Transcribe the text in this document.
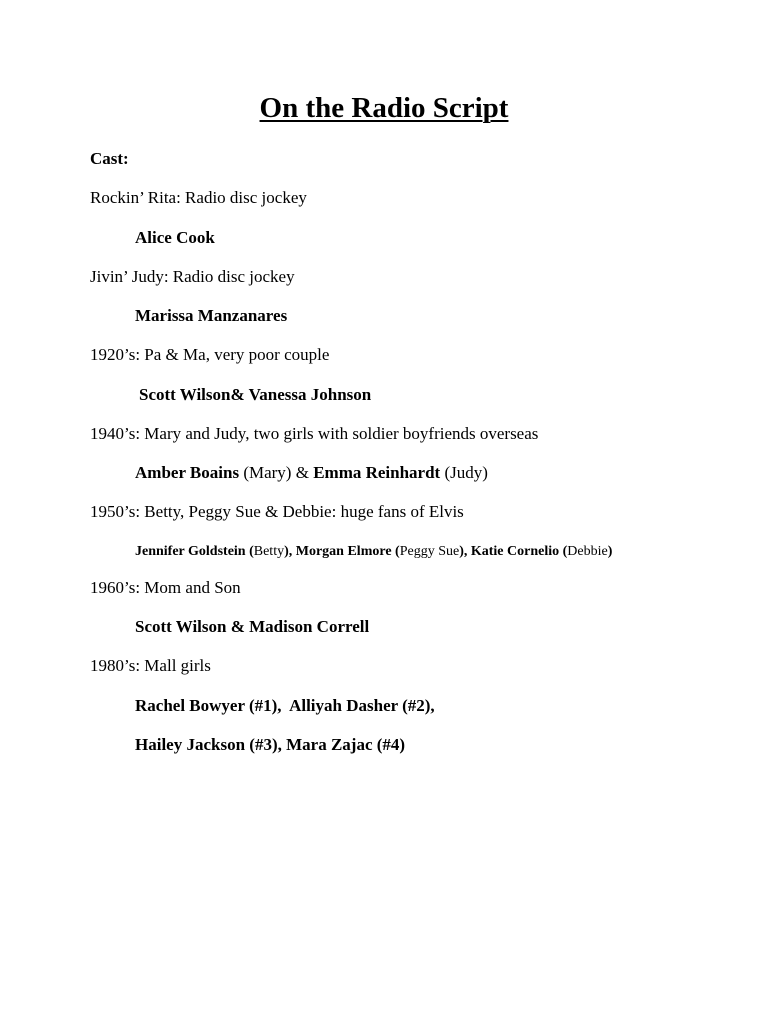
On the Radio Script
Cast:
Rockin’ Rita: Radio disc jockey
Alice Cook
Jivin’ Judy: Radio disc jockey
Marissa Manzanares
1920’s: Pa & Ma, very poor couple
Scott Wilson& Vanessa Johnson
1940’s: Mary and Judy, two girls with soldier boyfriends overseas
Amber Boains (Mary) & Emma Reinhardt (Judy)
1950’s: Betty, Peggy Sue & Debbie: huge fans of Elvis
Jennifer Goldstein (Betty), Morgan Elmore (Peggy Sue), Katie Cornelio (Debbie)
1960’s: Mom and Son
Scott Wilson & Madison Correll
1980’s: Mall girls
Rachel Bowyer (#1),  Alliyah Dasher (#2),
Hailey Jackson (#3), Mara Zajac (#4)
